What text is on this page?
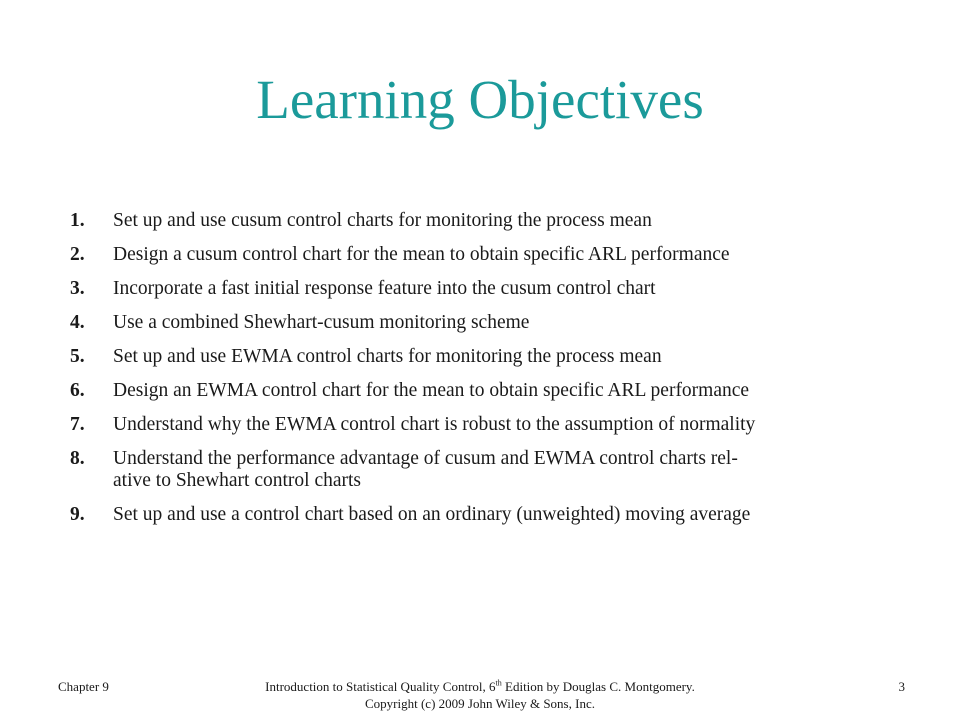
Learning Objectives
1.	Set up and use cusum control charts for monitoring the process mean
2.	Design a cusum control chart for the mean to obtain specific ARL performance
3.	Incorporate a fast initial response feature into the cusum control chart
4.	Use a combined Shewhart-cusum monitoring scheme
5.	Set up and use EWMA control charts for monitoring the process mean
6.	Design an EWMA control chart for the mean to obtain specific ARL performance
7.	Understand why the EWMA control chart is robust to the assumption of normality
8.	Understand the performance advantage of cusum and EWMA control charts rel-
ative to Shewhart control charts
9.	Set up and use a control chart based on an ordinary (unweighted) moving average
Chapter 9	Introduction to Statistical Quality Control, 6th Edition by Douglas C. Montgomery.
Copyright (c) 2009 John Wiley & Sons, Inc.
3
